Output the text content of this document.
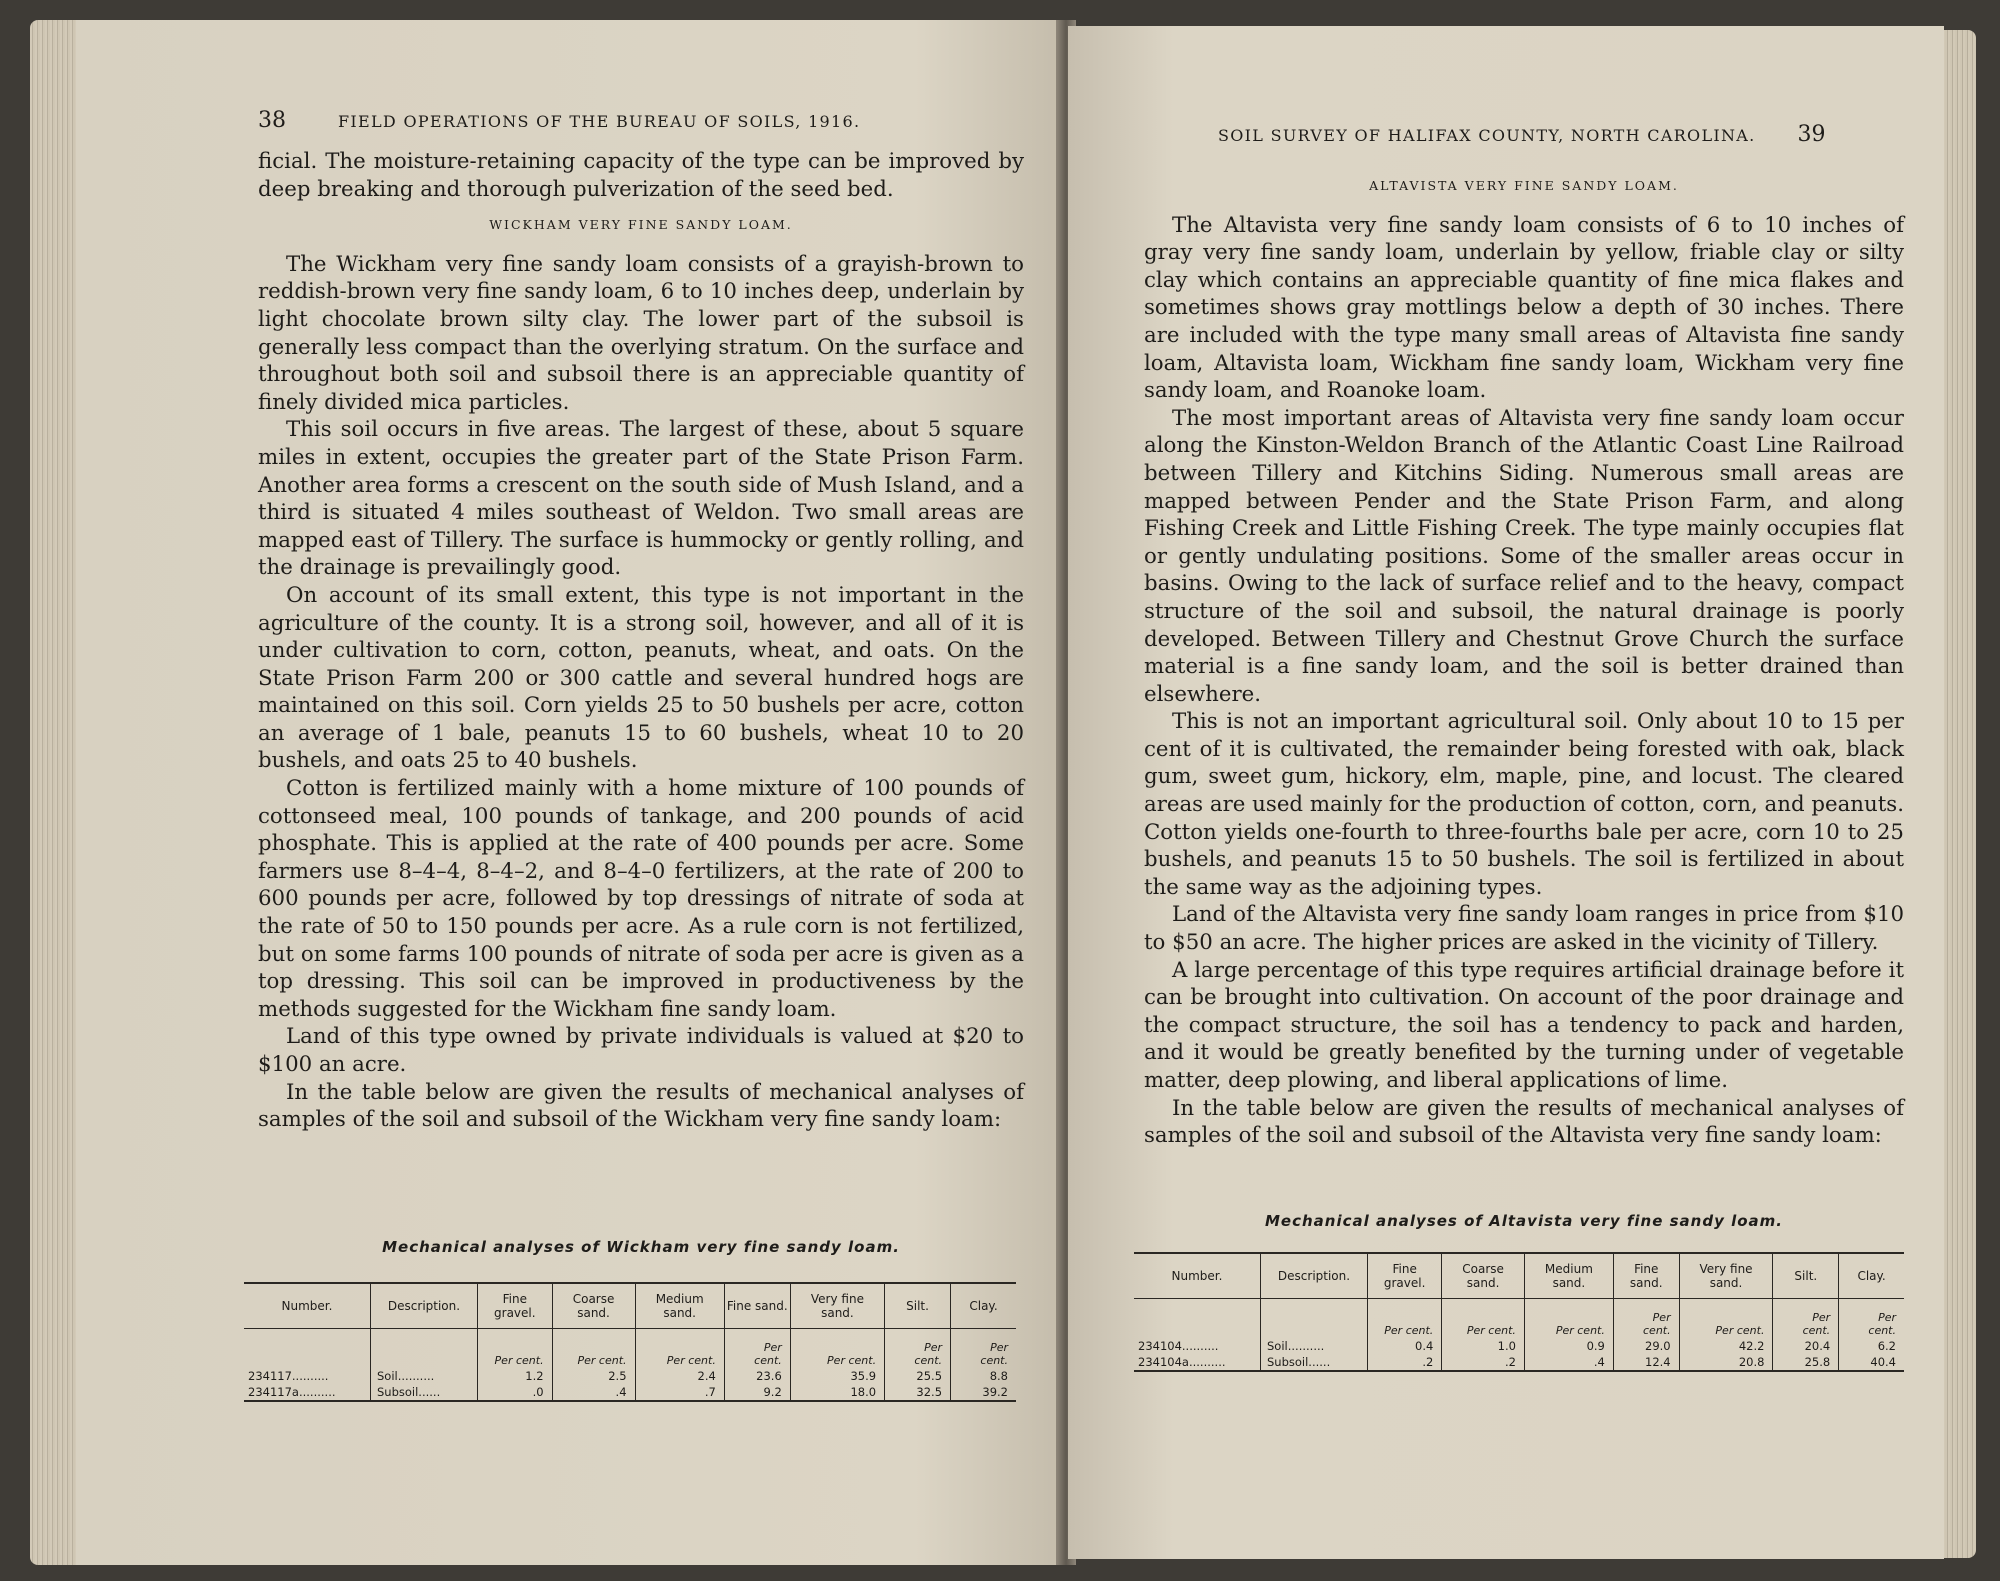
38	FIELD OPERATIONS OF THE BUREAU OF SOILS, 1916.

ficial. The moisture-retaining capacity of the type can be improved by deep breaking and thorough pulverization of the seed bed.

WICKHAM VERY FINE SANDY LOAM.

The Wickham very fine sandy loam consists of a grayish-brown to reddish-brown very fine sandy loam, 6 to 10 inches deep, underlain by light chocolate brown silty clay. The lower part of the subsoil is generally less compact than the overlying stratum. On the surface and throughout both soil and subsoil there is an appreciable quantity of finely divided mica particles.

This soil occurs in five areas. The largest of these, about 5 square miles in extent, occupies the greater part of the State Prison Farm. Another area forms a crescent on the south side of Mush Island, and a third is situated 4 miles southeast of Weldon. Two small areas are mapped east of Tillery. The surface is hummocky or gently rolling, and the drainage is prevailingly good.

On account of its small extent, this type is not important in the agriculture of the county. It is a strong soil, however, and all of it is under cultivation to corn, cotton, peanuts, wheat, and oats. On the State Prison Farm 200 or 300 cattle and several hundred hogs are maintained on this soil. Corn yields 25 to 50 bushels per acre, cotton an average of 1 bale, peanuts 15 to 60 bushels, wheat 10 to 20 bushels, and oats 25 to 40 bushels.

Cotton is fertilized mainly with a home mixture of 100 pounds of cottonseed meal, 100 pounds of tankage, and 200 pounds of acid phosphate. This is applied at the rate of 400 pounds per acre. Some farmers use 8–4–4, 8–4–2, and 8–4–0 fertilizers, at the rate of 200 to 600 pounds per acre, followed by top dressings of nitrate of soda at the rate of 50 to 150 pounds per acre. As a rule corn is not fertilized, but on some farms 100 pounds of nitrate of soda per acre is given as a top dressing. This soil can be improved in productiveness by the methods suggested for the Wickham fine sandy loam.

Land of this type owned by private individuals is valued at $20 to $100 an acre.

In the table below are given the results of mechanical analyses of samples of the soil and subsoil of the Wickham very fine sandy loam:

Mechanical analyses of Wickham very fine sandy loam.
Number.	Description.	Fine gravel.	Coarse sand.	Medium sand.	Fine sand.	Very fine sand.	Silt.	Clay.
		Per cent.	Per cent.	Per cent.	Per cent.	Per cent.	Per cent.	Per cent.
234117..........	Soil..........	1.2	2.5	2.4	23.6	35.9	25.5	8.8
234117a..........	Subsoil......	.0	.4	.7	9.2	18.0	32.5	39.2
SOIL SURVEY OF HALIFAX COUNTY, NORTH CAROLINA. 39
ALTAVISTA VERY FINE SANDY LOAM.

The Altavista very fine sandy loam consists of 6 to 10 inches of gray very fine sandy loam, underlain by yellow, friable clay or silty clay which contains an appreciable quantity of fine mica flakes and sometimes shows gray mottlings below a depth of 30 inches. There are included with the type many small areas of Altavista fine sandy loam, Altavista loam, Wickham fine sandy loam, Wickham very fine sandy loam, and Roanoke loam.

The most important areas of Altavista very fine sandy loam occur along the Kinston-Weldon Branch of the Atlantic Coast Line Railroad between Tillery and Kitchins Siding. Numerous small areas are mapped between Pender and the State Prison Farm, and along Fishing Creek and Little Fishing Creek. The type mainly occupies flat or gently undulating positions. Some of the smaller areas occur in basins. Owing to the lack of surface relief and to the heavy, compact structure of the soil and subsoil, the natural drainage is poorly developed. Between Tillery and Chestnut Grove Church the surface material is a fine sandy loam, and the soil is better drained than elsewhere.

This is not an important agricultural soil. Only about 10 to 15 per cent of it is cultivated, the remainder being forested with oak, black gum, sweet gum, hickory, elm, maple, pine, and locust. The cleared areas are used mainly for the production of cotton, corn, and peanuts. Cotton yields one-fourth to three-fourths bale per acre, corn 10 to 25 bushels, and peanuts 15 to 50 bushels. The soil is fertilized in about the same way as the adjoining types.

Land of the Altavista very fine sandy loam ranges in price from $10 to $50 an acre. The higher prices are asked in the vicinity of Tillery.

A large percentage of this type requires artificial drainage before it can be brought into cultivation. On account of the poor drainage and the compact structure, the soil has a tendency to pack and harden, and it would be greatly benefited by the turning under of vegetable matter, deep plowing, and liberal applications of lime.

In the table below are given the results of mechanical analyses of samples of the soil and subsoil of the Altavista very fine sandy loam:

Mechanical analyses of Altavista very fine sandy loam.
Number.	Description.	Fine gravel.	Coarse sand.	Medium sand.	Fine sand.	Very fine sand.	Silt.	Clay.
		Per cent.	Per cent.	Per cent.	Per cent.	Per cent.	Per cent.	Per cent.
234104..........	Soil..........	0.4	1.0	0.9	29.0	42.2	20.4	6.2
234104a..........	Subsoil......	.2	.2	.4	12.4	20.8	25.8	40.4
